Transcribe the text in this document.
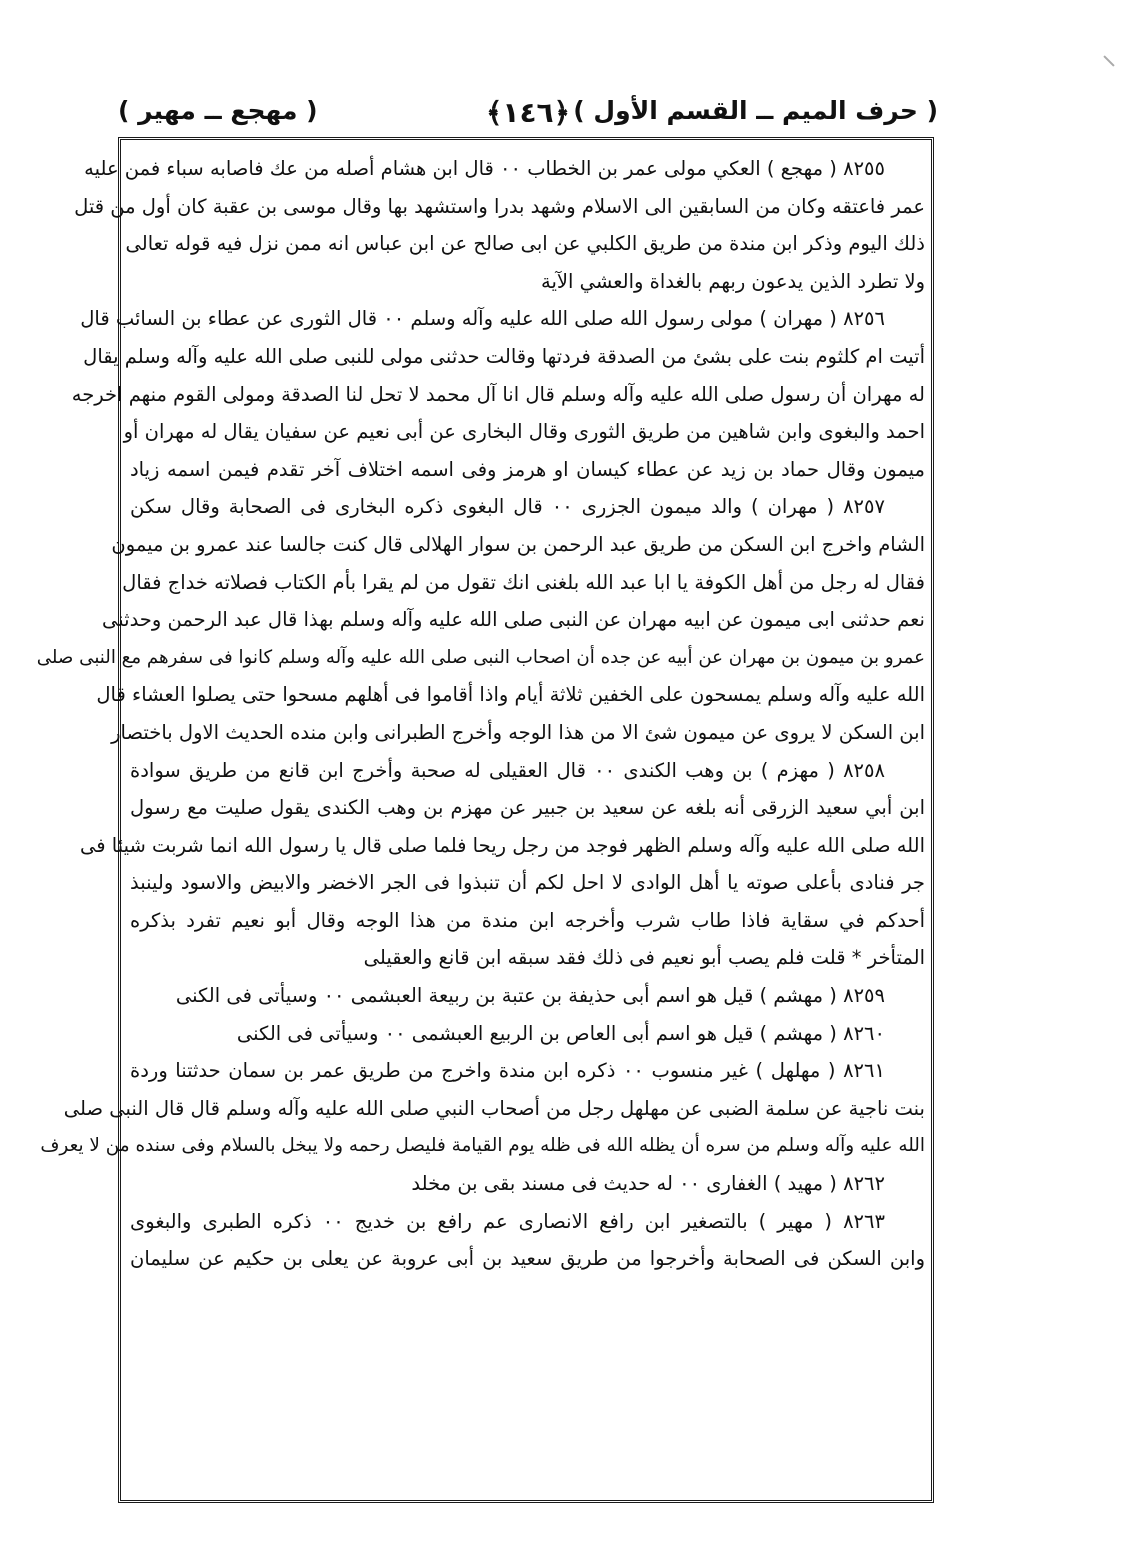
( حرف الميم ــ القسم الأول )
﴿١٤٦﴾
( مهجع ــ مهير )

٨٢٥٥ ( مهجع ) العكي مولى عمر بن الخطاب ٠٠ قال ابن هشام أصله من عك فاصابه سباء فمن عليه

عمر فاعتقه وكان من السابقين الى الاسلام وشهد بدرا واستشهد بها وقال موسى بن عقبة كان أول من قتل

ذلك اليوم وذكر ابن مندة من طريق الكلبي عن ابى صالح عن ابن عباس انه ممن نزل فيه قوله تعالى

ولا تطرد الذين يدعون ربهم بالغداة والعشي الآية

٨٢٥٦ ( مهران ) مولى رسول الله صلى الله عليه وآله وسلم ٠٠ قال الثورى عن عطاء بن السائب قال

أتيت ام كلثوم بنت على بشئ من الصدقة فردتها وقالت حدثنى مولى للنبى صلى الله عليه وآله وسلم يقال

له مهران أن رسول صلى الله عليه وآله وسلم قال انا آل محمد لا تحل لنا الصدقة ومولى القوم منهم اخرجه

احمد والبغوى وابن شاهين من طريق الثورى وقال البخارى عن أبى نعيم عن سفيان يقال له مهران أو

ميمون وقال حماد بن زيد عن عطاء كيسان او هرمز وفى اسمه اختلاف آخر تقدم فيمن اسمه زياد

٨٢٥٧ ( مهران ) والد ميمون الجزرى ٠٠ قال البغوى ذكره البخارى فى الصحابة وقال سكن

الشام واخرج ابن السكن من طريق عبد الرحمن بن سوار الهلالى قال كنت جالسا عند عمرو بن ميمون

فقال له رجل من أهل الكوفة يا ابا عبد الله بلغنى انك تقول من لم يقرا بأم الكتاب فصلاته خداج فقال

نعم حدثنى ابى ميمون عن ابيه مهران عن النبى صلى الله عليه وآله وسلم بهذا قال عبد الرحمن وحدثنى

عمرو بن ميمون بن مهران عن أبيه عن جده أن اصحاب النبى صلى الله عليه وآله وسلم كانوا فى سفرهم مع النبى صلى

الله عليه وآله وسلم يمسحون على الخفين ثلاثة أيام واذا أقاموا فى أهلهم مسحوا حتى يصلوا العشاء قال

ابن السكن لا يروى عن ميمون شئ الا من هذا الوجه وأخرج الطبرانى وابن منده الحديث الاول باختصار

٨٢٥٨ ( مهزم ) بن وهب الكندى ٠٠ قال العقيلى له صحبة وأخرج ابن قانع من طريق سوادة

ابن أبي سعيد الزرقى أنه بلغه عن سعيد بن جبير عن مهزم بن وهب الكندى يقول صليت مع رسول

الله صلى الله عليه وآله وسلم الظهر فوجد من رجل ريحا فلما صلى قال يا رسول الله انما شربت شيئا فى

جر فنادى بأعلى صوته يا أهل الوادى لا احل لكم أن تنبذوا فى الجر الاخضر والابيض والاسود ولينبذ

أحدكم في سقاية فاذا طاب شرب وأخرجه ابن مندة من هذا الوجه وقال أبو نعيم تفرد بذكره

المتأخر * قلت فلم يصب أبو نعيم فى ذلك فقد سبقه ابن قانع والعقيلى

٨٢٥٩ ( مهشم ) قيل هو اسم أبى حذيفة بن عتبة بن ربيعة العبشمى ٠٠ وسيأتى فى الكنى

٨٢٦٠ ( مهشم ) قيل هو اسم أبى العاص بن الربيع العبشمى ٠٠ وسيأتى فى الكنى

٨٢٦١ ( مهلهل ) غير منسوب ٠٠ ذكره ابن مندة واخرج من طريق عمر بن سمان حدثتنا وردة

بنت ناجية عن سلمة الضبى عن مهلهل رجل من أصحاب النبي صلى الله عليه وآله وسلم قال قال النبى صلى

الله عليه وآله وسلم من سره أن يظله الله فى ظله يوم القيامة فليصل رحمه ولا يبخل بالسلام وفى سنده من لا يعرف

٨٢٦٢ ( مهيد ) الغفارى ٠٠ له حديث فى مسند بقى بن مخلد

٨٢٦٣ ( مهير ) بالتصغير ابن رافع الانصارى عم رافع بن خديج ٠٠ ذكره الطبرى والبغوى

وابن السكن فى الصحابة وأخرجوا من طريق سعيد بن أبى عروبة عن يعلى بن حكيم عن سليمان
